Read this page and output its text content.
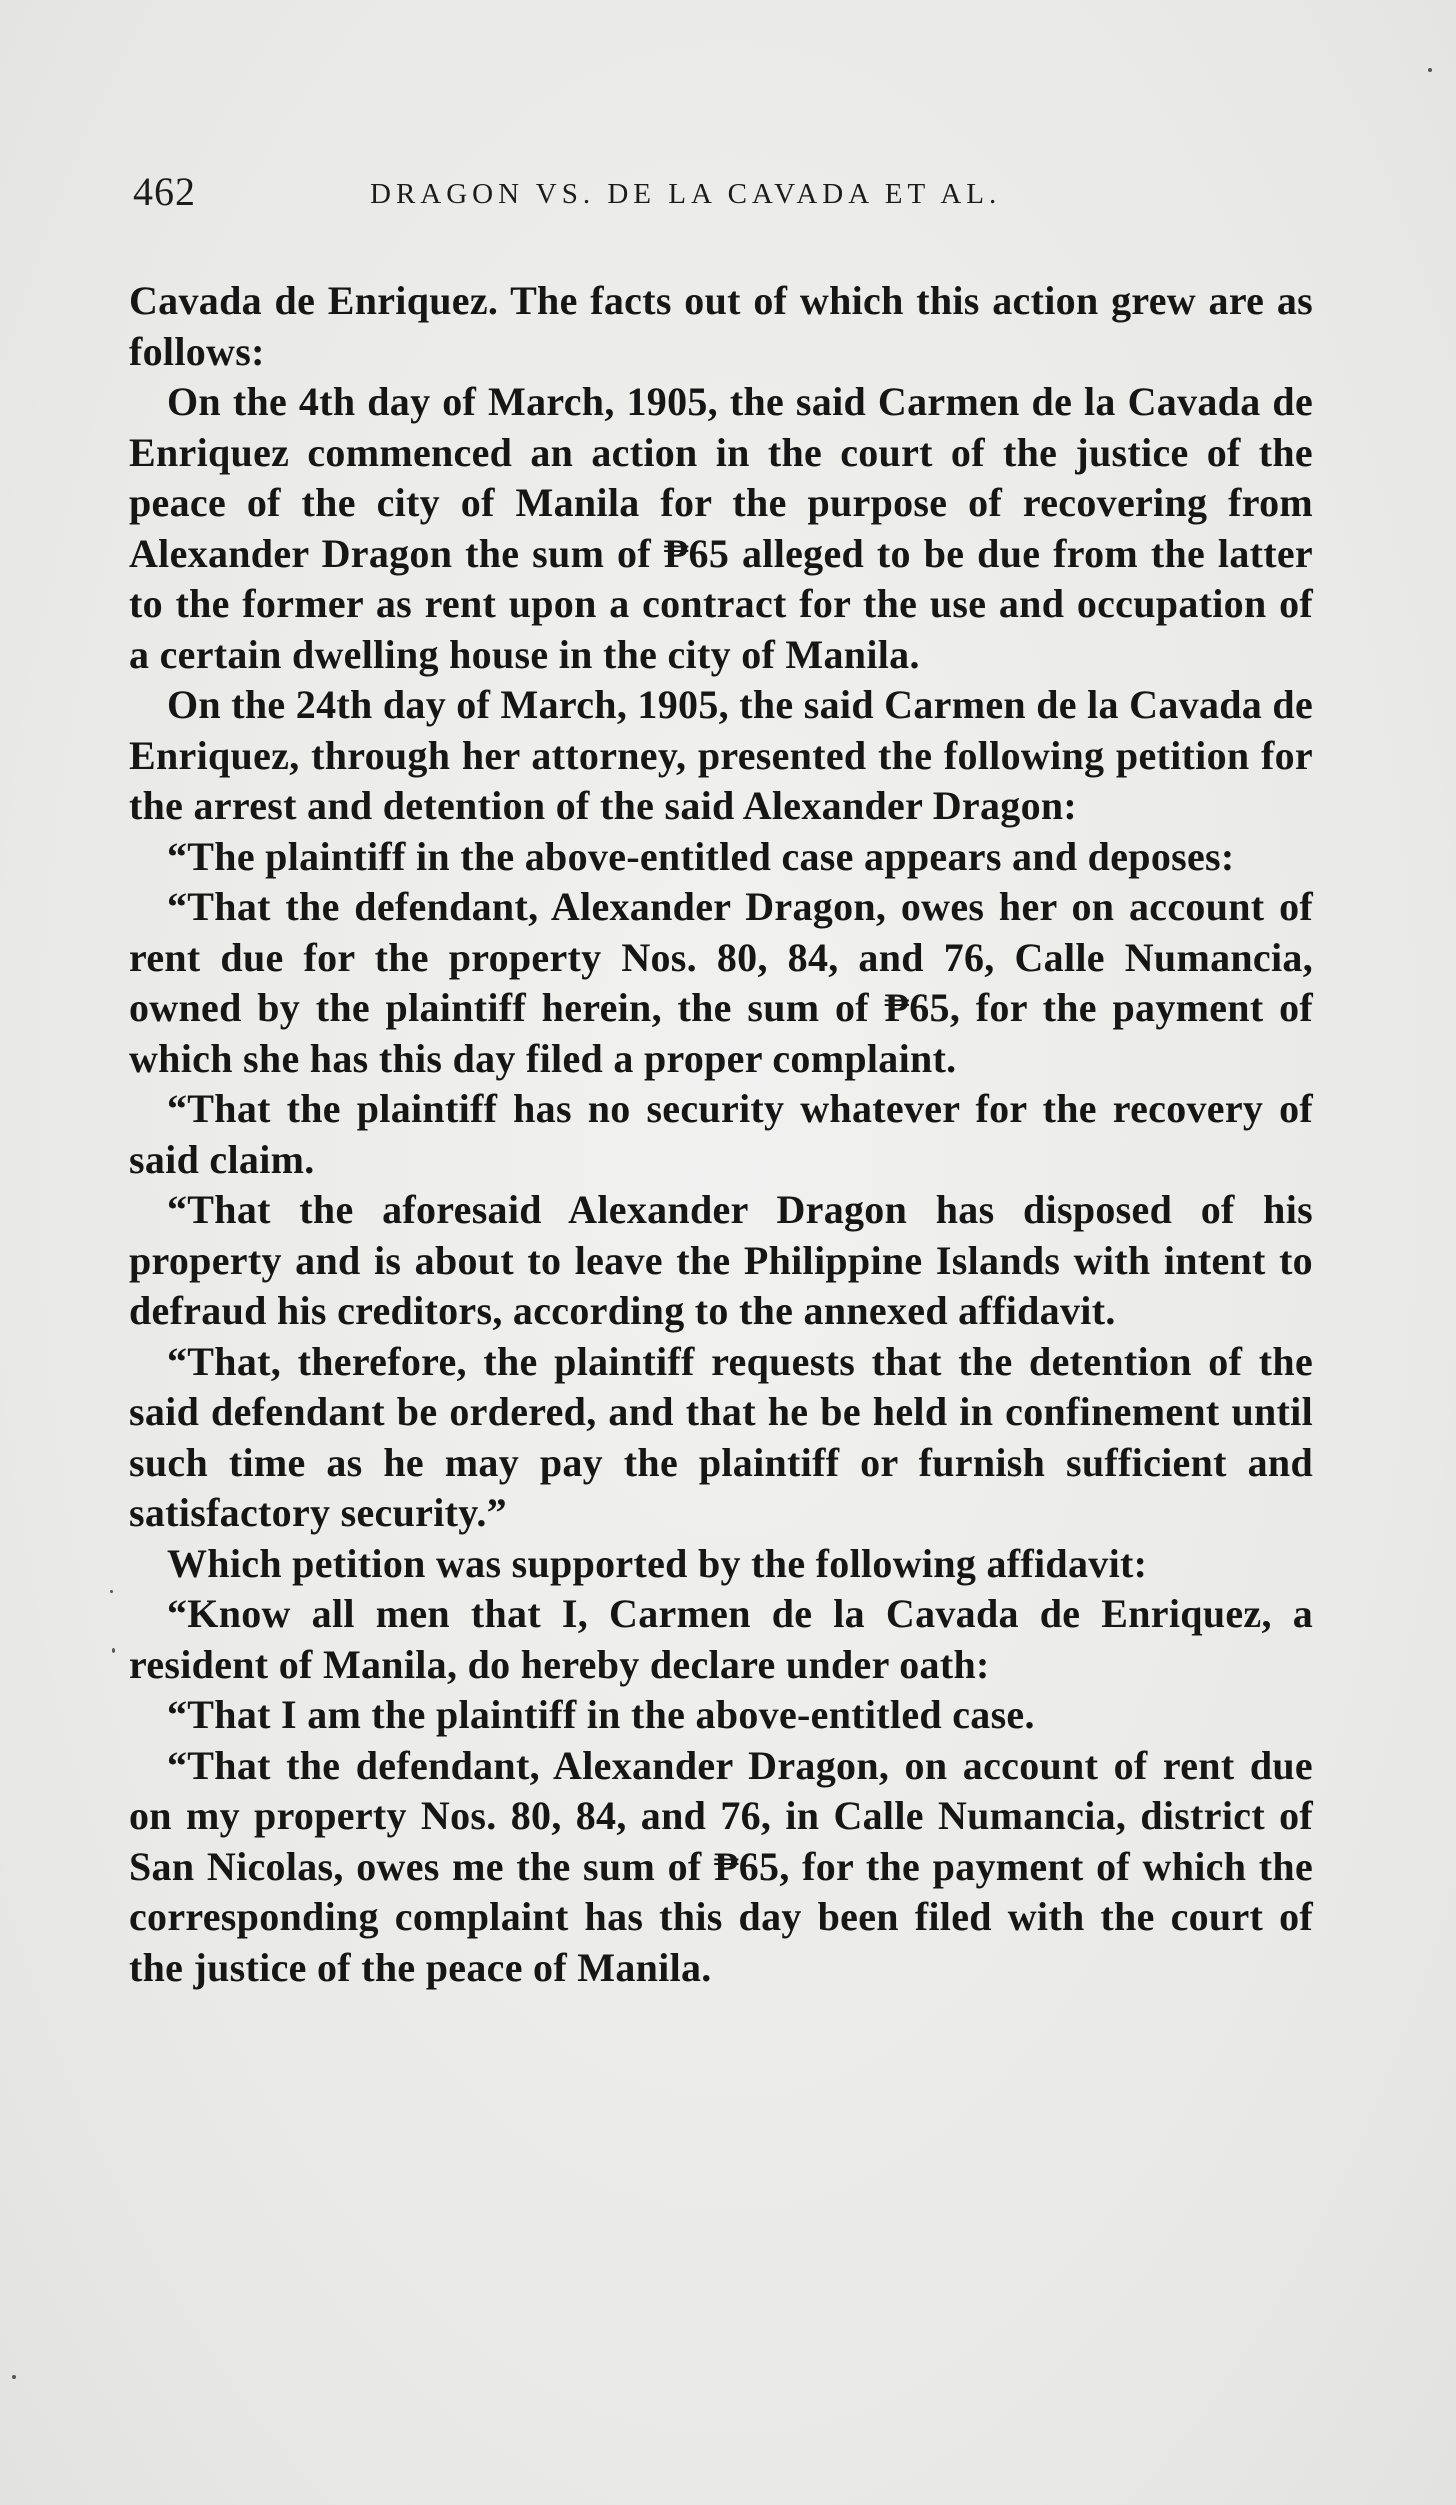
462	DRAGON VS. DE LA CAVADA ET AL.

Cavada de Enriquez. The facts out of which this action grew are as follows:

On the 4th day of March, 1905, the said Carmen de la Cavada de Enriquez commenced an action in the court of the justice of the peace of the city of Manila for the purpose of recovering from Alexander Dragon the sum of ₱65 alleged to be due from the latter to the former as rent upon a contract for the use and occupation of a certain dwelling house in the city of Manila.

On the 24th day of March, 1905, the said Carmen de la Cavada de Enriquez, through her attorney, presented the following petition for the arrest and detention of the said Alexander Dragon:

“The plaintiff in the above-entitled case appears and deposes:

“That the defendant, Alexander Dragon, owes her on account of rent due for the property Nos. 80, 84, and 76, Calle Numancia, owned by the plaintiff herein, the sum of ₱65, for the payment of which she has this day filed a proper complaint.

“That the plaintiff has no security whatever for the recovery of said claim.

“That the aforesaid Alexander Dragon has disposed of his property and is about to leave the Philippine Islands with intent to defraud his creditors, according to the annexed affidavit.

“That, therefore, the plaintiff requests that the detention of the said defendant be ordered, and that he be held in confinement until such time as he may pay the plaintiff or furnish sufficient and satisfactory security.”

Which petition was supported by the following affidavit:

“Know all men that I, Carmen de la Cavada de Enriquez, a resident of Manila, do hereby declare under oath:

“That I am the plaintiff in the above-entitled case.

“That the defendant, Alexander Dragon, on account of rent due on my property Nos. 80, 84, and 76, in Calle Numancia, district of San Nicolas, owes me the sum of ₱65, for the payment of which the corresponding complaint has this day been filed with the court of the justice of the peace of Manila.
